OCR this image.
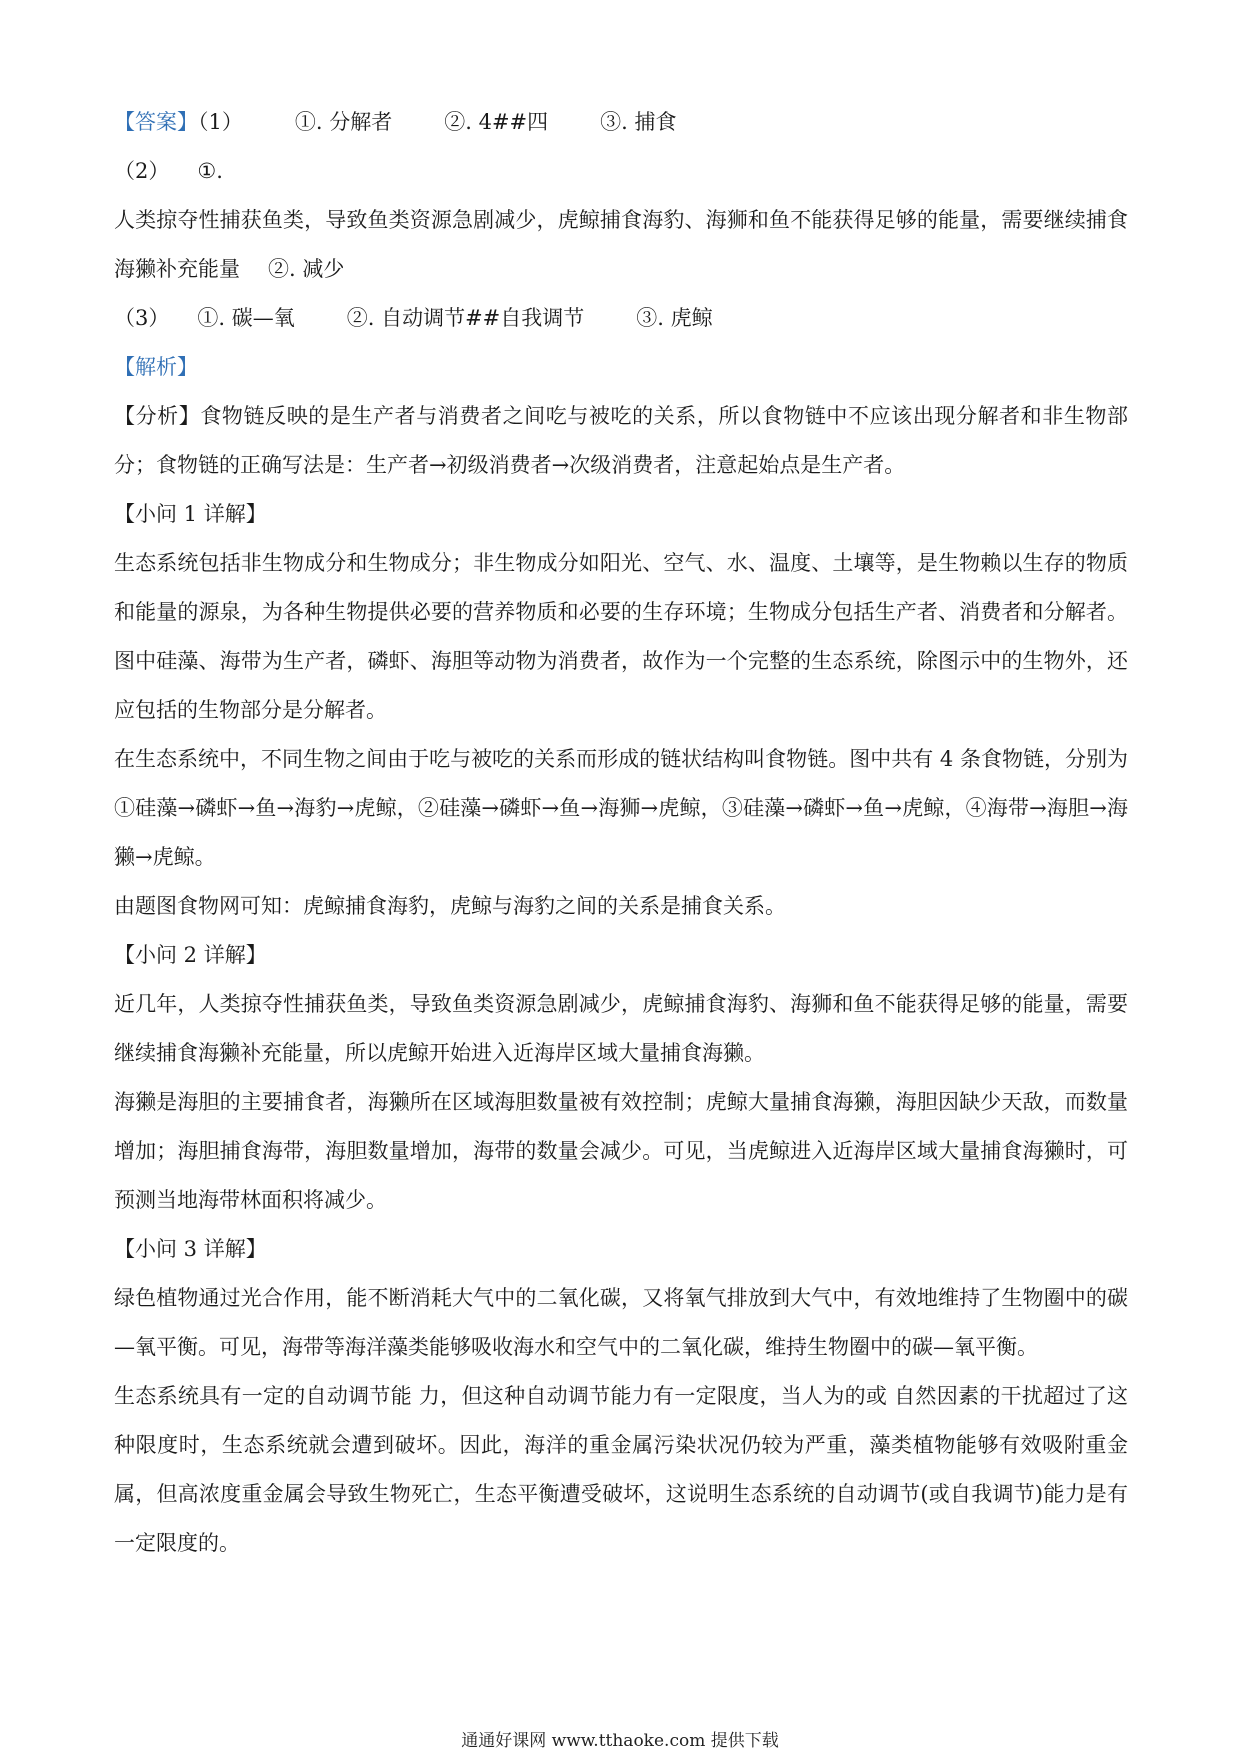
【答案】（1） ①. 分解者 ②. 4##四 ③. 捕食
（2） ①.
人类掠夺性捕获鱼类，导致鱼类资源急剧减少，虎鲸捕食海豹、海狮和鱼不能获得足够的能量，需要继续捕食海獭补充能量 ②. 减少
（3） ①. 碳—氧 ②. 自动调节##自我调节 ③. 虎鲸
【解析】
【分析】食物链反映的是生产者与消费者之间吃与被吃的关系，所以食物链中不应该出现分解者和非生物部分；食物链的正确写法是：生产者→初级消费者→次级消费者，注意起始点是生产者。
【小问 1 详解】
生态系统包括非生物成分和生物成分；非生物成分如阳光、空气、水、温度、土壤等，是生物赖以生存的物质和能量的源泉，为各种生物提供必要的营养物质和必要的生存环境；生物成分包括生产者、消费者和分解者。图中硅藻、海带为生产者，磷虾、海胆等动物为消费者，故作为一个完整的生态系统，除图示中的生物外，还应包括的生物部分是分解者。
在生态系统中，不同生物之间由于吃与被吃的关系而形成的链状结构叫食物链。图中共有 4 条食物链，分别为①硅藻→磷虾→鱼→海豹→虎鲸，②硅藻→磷虾→鱼→海狮→虎鲸，③硅藻→磷虾→鱼→虎鲸，④海带→海胆→海獭→虎鲸。
由题图食物网可知：虎鲸捕食海豹，虎鲸与海豹之间的关系是捕食关系。
【小问 2 详解】
近几年，人类掠夺性捕获鱼类，导致鱼类资源急剧减少，虎鲸捕食海豹、海狮和鱼不能获得足够的能量，需要继续捕食海獭补充能量，所以虎鲸开始进入近海岸区域大量捕食海獭。
海獭是海胆的主要捕食者，海獭所在区域海胆数量被有效控制；虎鲸大量捕食海獭，海胆因缺少天敌，而数量增加；海胆捕食海带，海胆数量增加，海带的数量会减少。可见，当虎鲸进入近海岸区域大量捕食海獭时，可预测当地海带林面积将减少。
【小问 3 详解】
绿色植物通过光合作用，能不断消耗大气中的二氧化碳，又将氧气排放到大气中，有效地维持了生物圈中的碳—氧平衡。可见，海带等海洋藻类能够吸收海水和空气中的二氧化碳，维持生物圈中的碳—氧平衡。
生态系统具有一定的自动调节能 力，但这种自动调节能力有一定限度，当人为的或 自然因素的干扰超过了这种限度时，生态系统就会遭到破坏。因此，海洋的重金属污染状况仍较为严重，藻类植物能够有效吸附重金属，但高浓度重金属会导致生物死亡，生态平衡遭受破坏，这说明生态系统的自动调节(或自我调节)能力是有一定限度的。
通通好课网 www.tthaoke.com 提供下载
